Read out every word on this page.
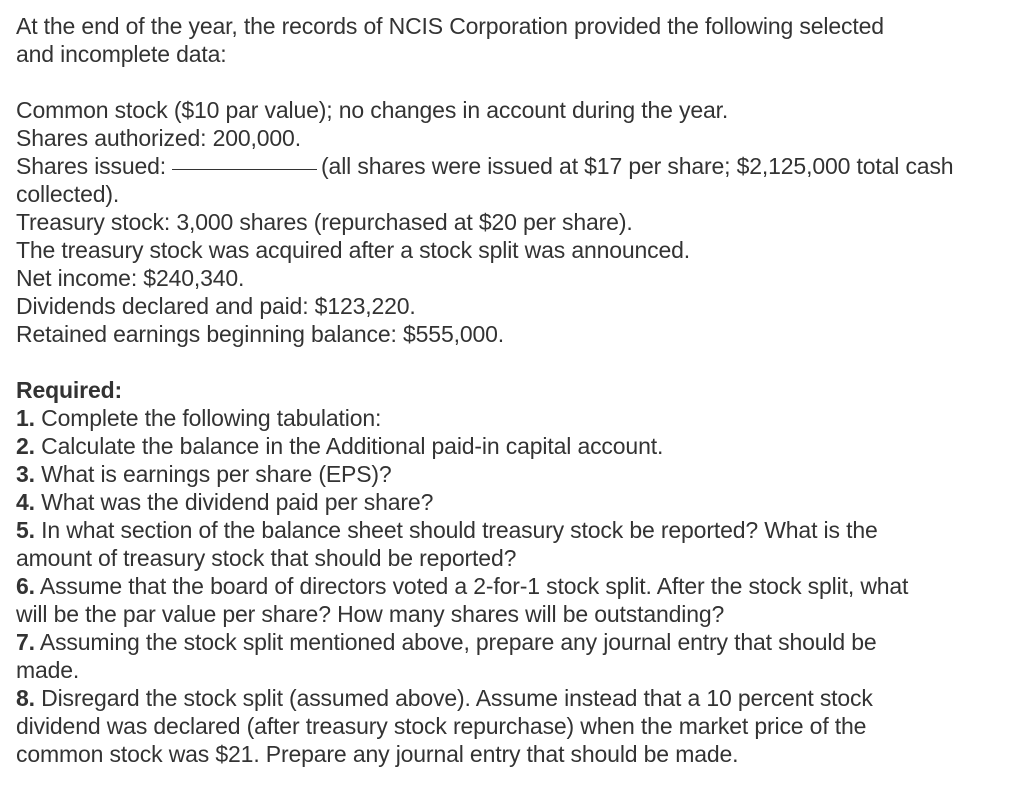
At the end of the year, the records of NCIS Corporation provided the following selected
and incomplete data:
Common stock ($10 par value); no changes in account during the year.
Shares authorized: 200,000.
Shares issued:	(all shares were issued at $17 per share; $2,125,000 total cash
collected).
Treasury stock: 3,000 shares (repurchased at $20 per share).
The treasury stock was acquired after a stock split was announced.
Net income: $240,340.
Dividends declared and paid: $123,220.
Retained earnings beginning balance: $555,000.
Required:
1. Complete the following tabulation:
2. Calculate the balance in the Additional paid-in capital account.
3. What is earnings per share (EPS)?
4. What was the dividend paid per share?
5. In what section of the balance sheet should treasury stock be reported? What is the
amount of treasury stock that should be reported?
6. Assume that the board of directors voted a 2-for-1 stock split. After the stock split, what
will be the par value per share? How many shares will be outstanding?
7. Assuming the stock split mentioned above, prepare any journal entry that should be
made.
8. Disregard the stock split (assumed above). Assume instead that a 10 percent stock
dividend was declared (after treasury stock repurchase) when the market price of the
common stock was $21. Prepare any journal entry that should be made.
